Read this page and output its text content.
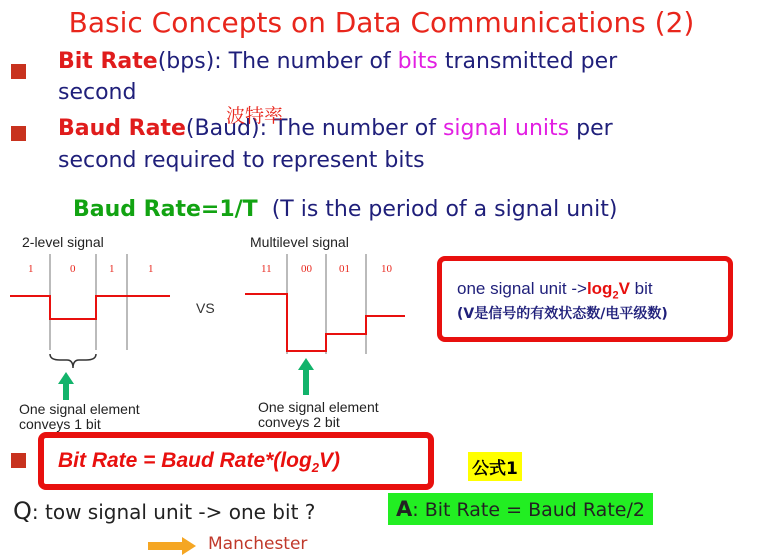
Basic Concepts on Data Communications (2)
Bit Rate(bps): The number of bits transmitted per
second
Baud Rate(Baud): The number of signal units per
波特率
second required to represent bits
Baud Rate=1/T (T is the period of a signal unit)
2-level signal	Multilevel signal
1	0	1	1
VS
11	00 01	10
One signal element
conveys 1 bit
One signal element
conveys 2 bit
one signal unit $->\log_2V$ bit
(V是信号的有效状态数/电平级数)
Bit Rate = Baud $Rate*(\log_2V)$	公式1
Q: tow signal unit -> one bit ?	A: Bit Rate = Baud Rate/2
Manchester
